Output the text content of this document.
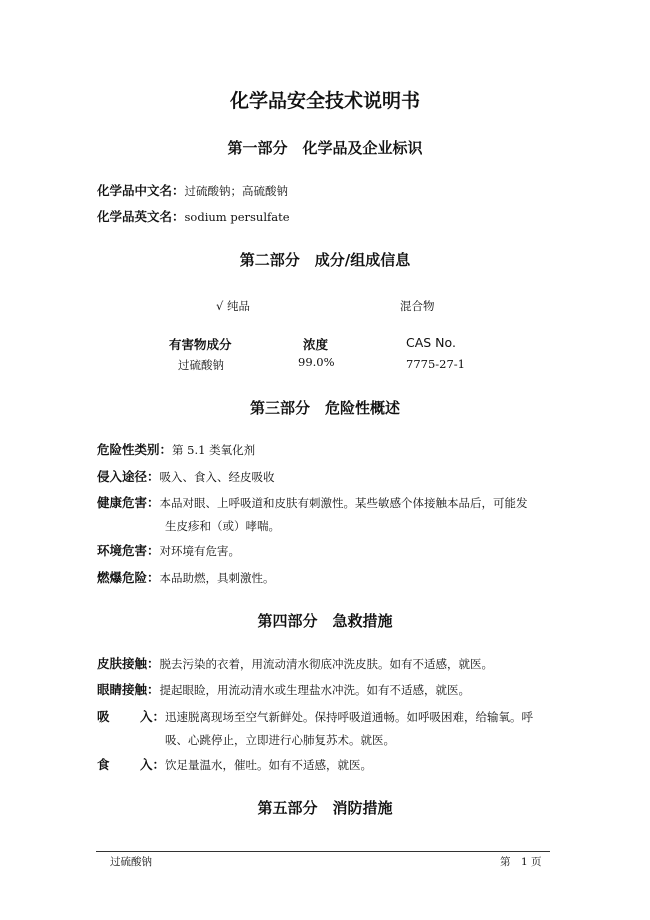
化学品安全技术说明书
第一部分　化学品及企业标识
化学品中文名：过硫酸钠；高硫酸钠
化学品英文名：sodium persulfate
第二部分　成分/组成信息
√ 纯品	混合物
有害物成分	浓度	CAS No.
过硫酸钠	99.0%	7775-27-1
第三部分　危险性概述
危险性类别：第 5.1 类氧化剂
侵入途径：吸入、食入、经皮吸收
健康危害：本品对眼、上呼吸道和皮肤有刺激性。某些敏感个体接触本品后，可能发
生皮疹和（或）哮喘。
环境危害：对环境有危害。
燃爆危险：本品助燃，具刺激性。
第四部分　急救措施
皮肤接触：脱去污染的衣着，用流动清水彻底冲洗皮肤。如有不适感，就医。
眼睛接触：提起眼睑，用流动清水或生理盐水冲洗。如有不适感，就医。
吸 入： 迅速脱离现场至空气新鲜处。保持呼吸道通畅。如呼吸困难，给输氧。呼
吸、心跳停止，立即进行心肺复苏术。就医。
食 入： 饮足量温水，催吐。如有不适感，就医。
第五部分　消防措施
过硫酸钠	第　1 页
